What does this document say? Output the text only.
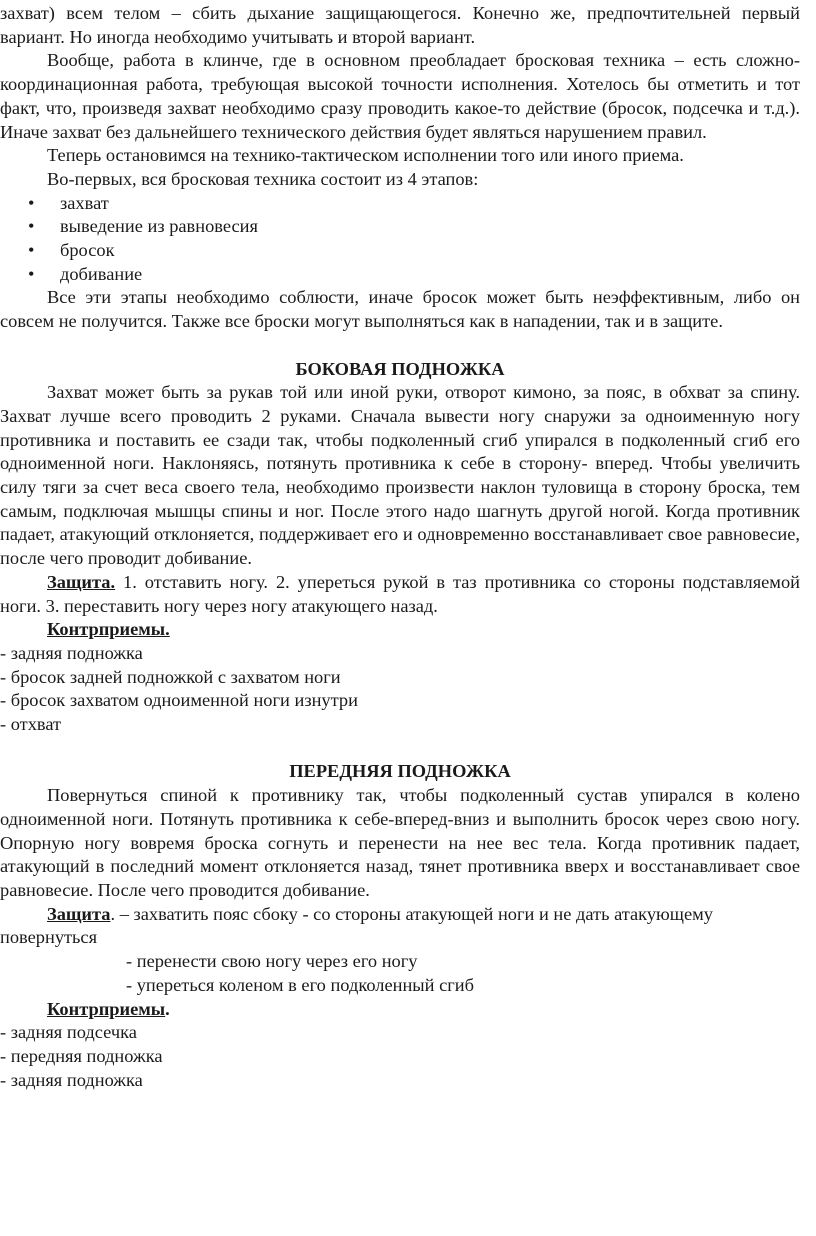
захват) всем телом – сбить дыхание защищающегося. Конечно же, предпочтительней первый вариант. Но иногда необходимо учитывать и второй вариант.

Вообще, работа в клинче, где в основном преобладает бросковая техника – есть сложно-координационная работа, требующая высокой точности исполнения. Хотелось бы отметить и тот факт, что, произведя захват необходимо сразу проводить какое-то действие (бросок, подсечка и т.д.). Иначе захват без дальнейшего технического действия будет являться нарушением правил.

Теперь остановимся на технико-тактическом исполнении того или иного приема.

Во-первых, вся бросковая техника состоит из 4 этапов:

• захват
• выведение из равновесия
• бросок
• добивание

Все эти этапы необходимо соблюсти, иначе бросок может быть неэффективным, либо он совсем не получится. Также все броски могут выполняться как в нападении, так и в защите.

БОКОВАЯ ПОДНОЖКА

Захват может быть за рукав той или иной руки, отворот кимоно, за пояс, в обхват за спину. Захват лучше всего проводить 2 руками. Сначала вывести ногу снаружи за одноименную ногу противника и поставить ее сзади так, чтобы подколенный сгиб упирался в подколенный сгиб его одноименной ноги. Наклоняясь, потянуть противника к себе в сторону- вперед. Чтобы увеличить силу тяги за счет веса своего тела, необходимо произвести наклон туловища в сторону броска, тем самым, подключая мышцы спины и ног. После этого надо шагнуть другой ногой. Когда противник падает, атакующий отклоняется, поддерживает его и одновременно восстанавливает свое равновесие, после чего проводит добивание.

Защита. 1. отставить ногу. 2. упереться рукой в таз противника со стороны подставляемой ноги. 3. переставить ногу через ногу атакующего назад.

Контрприемы.

- задняя подножка

- бросок задней подножкой с захватом ноги

- бросок захватом одноименной ноги изнутри

- отхват

ПЕРЕДНЯЯ ПОДНОЖКА

Повернуться спиной к противнику так, чтобы подколенный сустав упирался в колено одноименной ноги. Потянуть противника к себе-вперед-вниз и выполнить бросок через свою ногу. Опорную ногу вовремя броска согнуть и перенести на нее вес тела. Когда противник падает, атакующий в последний момент отклоняется назад, тянет противника вверх и восстанавливает свое равновесие. После чего проводится добивание.

Защита. – захватить пояс сбоку - со стороны атакующей ноги и не дать атакующему повернуться

- перенести свою ногу через его ногу

- упереться коленом в его подколенный сгиб

Контрприемы.

- задняя подсечка

- передняя подножка

- задняя подножка
